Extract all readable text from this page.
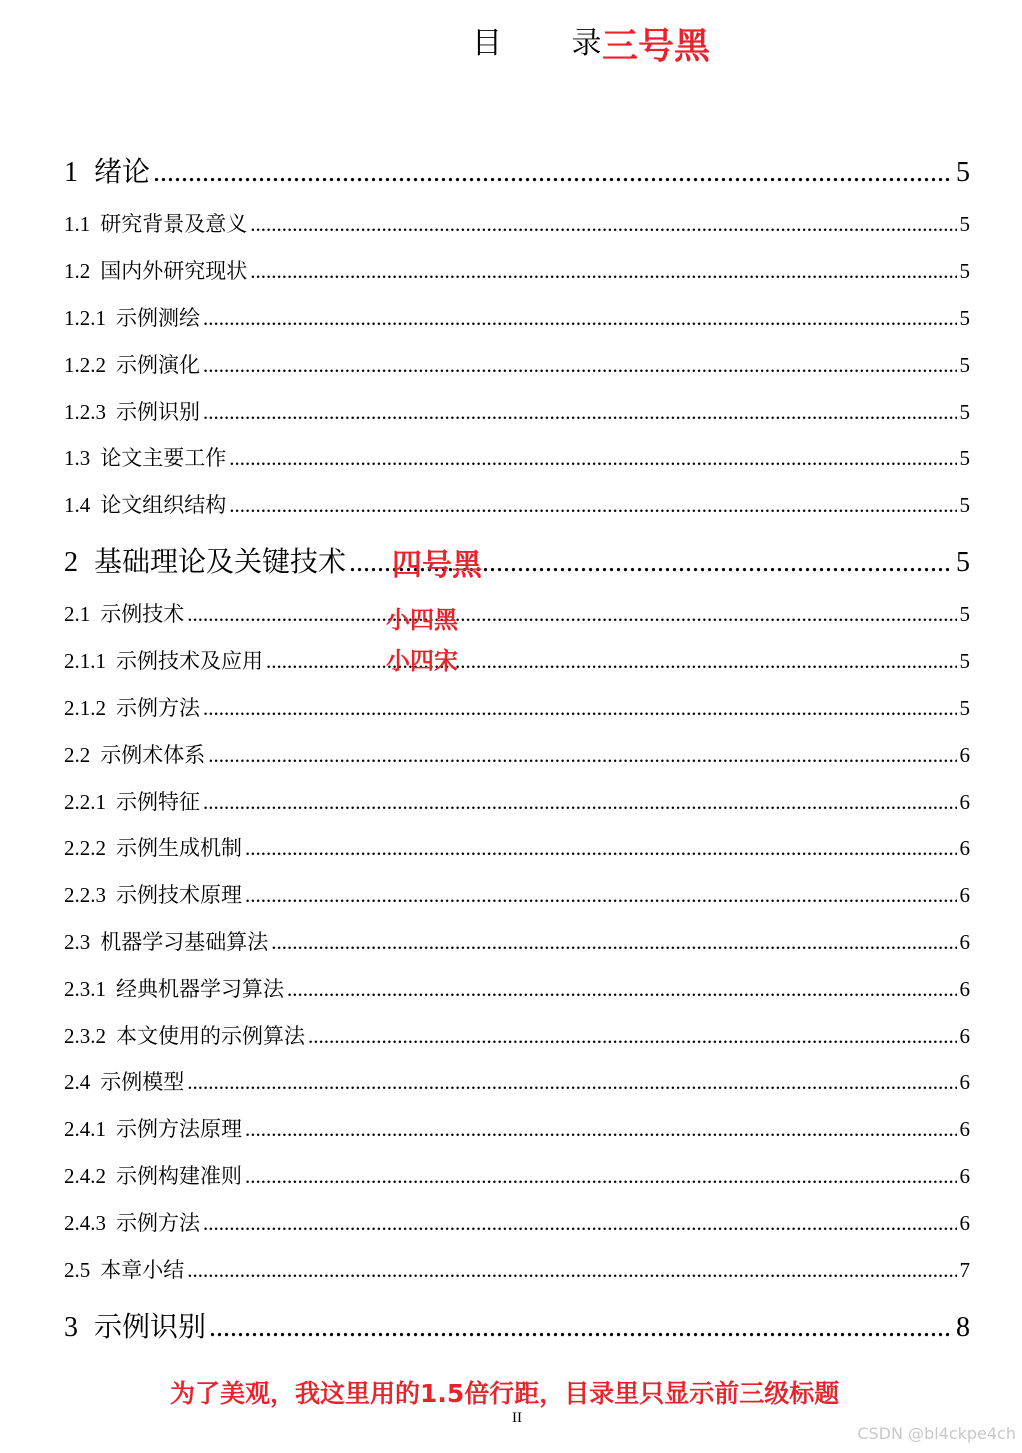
目 录
三号黑
1 绪论 .....	5
1.1 研究背景及意义 .....	5
1.2 国内外研究现状 .....	5
1.2.1 示例测绘 .....	5
1.2.2 示例演化 .....	5
1.2.3 示例识别 .....	5
1.3 论文主要工作 .....	5
1.4 论文组织结构 .....	5
2 基础理论及关键技术 .....	5
2.1 示例技术 .....	5
2.1.1 示例技术及应用 .....	5
2.1.2 示例方法 .....	5
2.2 示例术体系 .....	6
2.2.1 示例特征 .....	6
2.2.2 示例生成机制 .....	6
2.2.3 示例技术原理 .....	6
2.3 机器学习基础算法 .....	6
2.3.1 经典机器学习算法 .....	6
2.3.2 本文使用的示例算法 .....	6
2.4 示例模型 .....	6
2.4.1 示例方法原理 .....	6
2.4.2 示例构建准则 .....	6
2.4.3 示例方法 .....	6
2.5 本章小结 .....	7
3 示例识别 .....	8
四号黑
小四黑
小四宋
为了美观，我这里用的1.5倍行距，目录里只显示前三级标题
II
CSDN @bl4ckpe4ch
